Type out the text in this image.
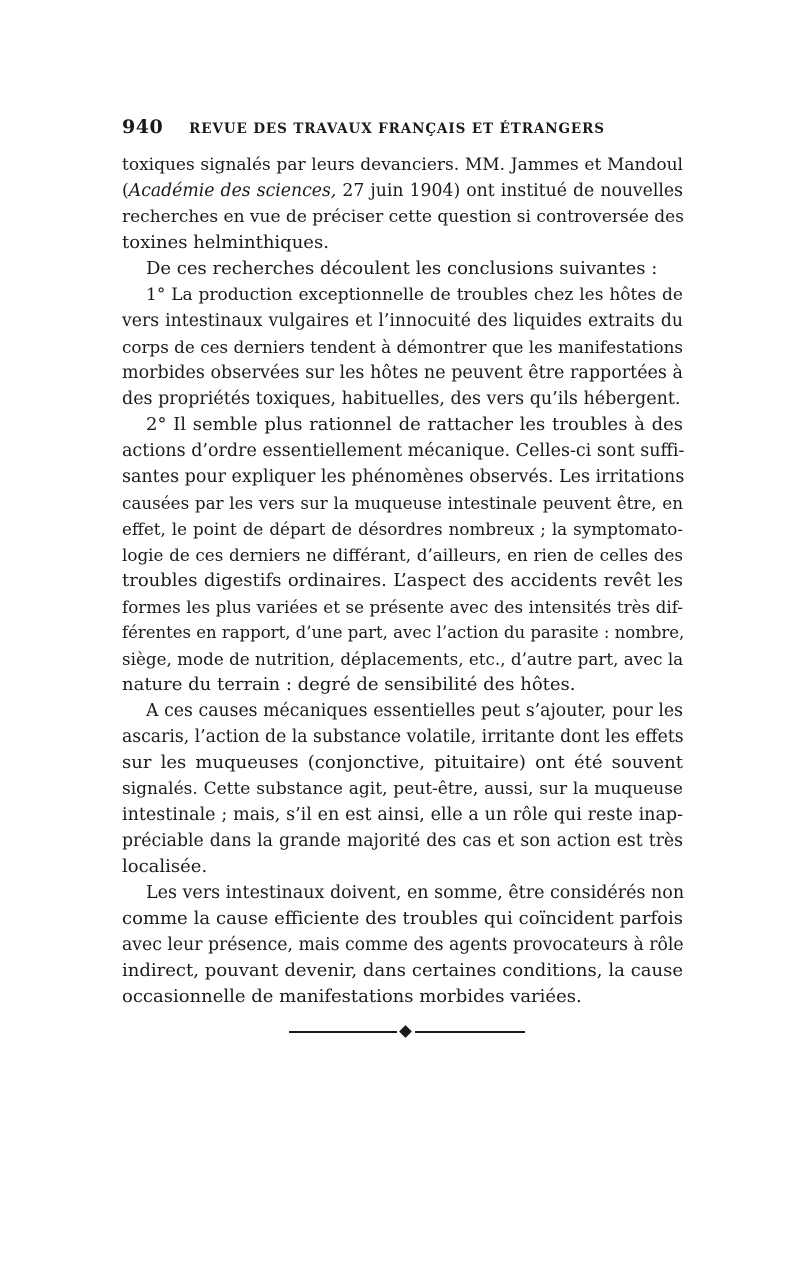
940 REVUE DES TRAVAUX FRANÇAIS ET ÉTRANGERS
toxiques signalés par leurs devanciers. MM. Jammes et Mandoul
(Académie des sciences, 27 juin 1904) ont institué de nouvelles
recherches en vue de préciser cette question si controversée des
toxines helminthiques.
De ces recherches découlent les conclusions suivantes :
1° La production exceptionnelle de troubles chez les hôtes de
vers intestinaux vulgaires et l’innocuité des liquides extraits du
corps de ces derniers tendent à démontrer que les manifestations
morbides observées sur les hôtes ne peuvent être rapportées à
des propriétés toxiques, habituelles, des vers qu’ils hébergent.
2° Il semble plus rationnel de rattacher les troubles à des
actions d’ordre essentiellement mécanique. Celles-ci sont suffi-
santes pour expliquer les phénomènes observés. Les irritations
causées par les vers sur la muqueuse intestinale peuvent être, en
effet, le point de départ de désordres nombreux ; la symptomato-
logie de ces derniers ne différant, d’ailleurs, en rien de celles des
troubles digestifs ordinaires. L’aspect des accidents revêt les
formes les plus variées et se présente avec des intensités très dif-
férentes en rapport, d’une part, avec l’action du parasite : nombre,
siège, mode de nutrition, déplacements, etc., d’autre part, avec la
nature du terrain : degré de sensibilité des hôtes.
A ces causes mécaniques essentielles peut s’ajouter, pour les
ascaris, l’action de la substance volatile, irritante dont les effets
sur les muqueuses (conjonctive, pituitaire) ont été souvent
signalés. Cette substance agit, peut-être, aussi, sur la muqueuse
intestinale ; mais, s’il en est ainsi, elle a un rôle qui reste inap-
préciable dans la grande majorité des cas et son action est très
localisée.
Les vers intestinaux doivent, en somme, être considérés non
comme la cause efficiente des troubles qui coïncident parfois
avec leur présence, mais comme des agents provocateurs à rôle
indirect, pouvant devenir, dans certaines conditions, la cause
occasionnelle de manifestations morbides variées.
